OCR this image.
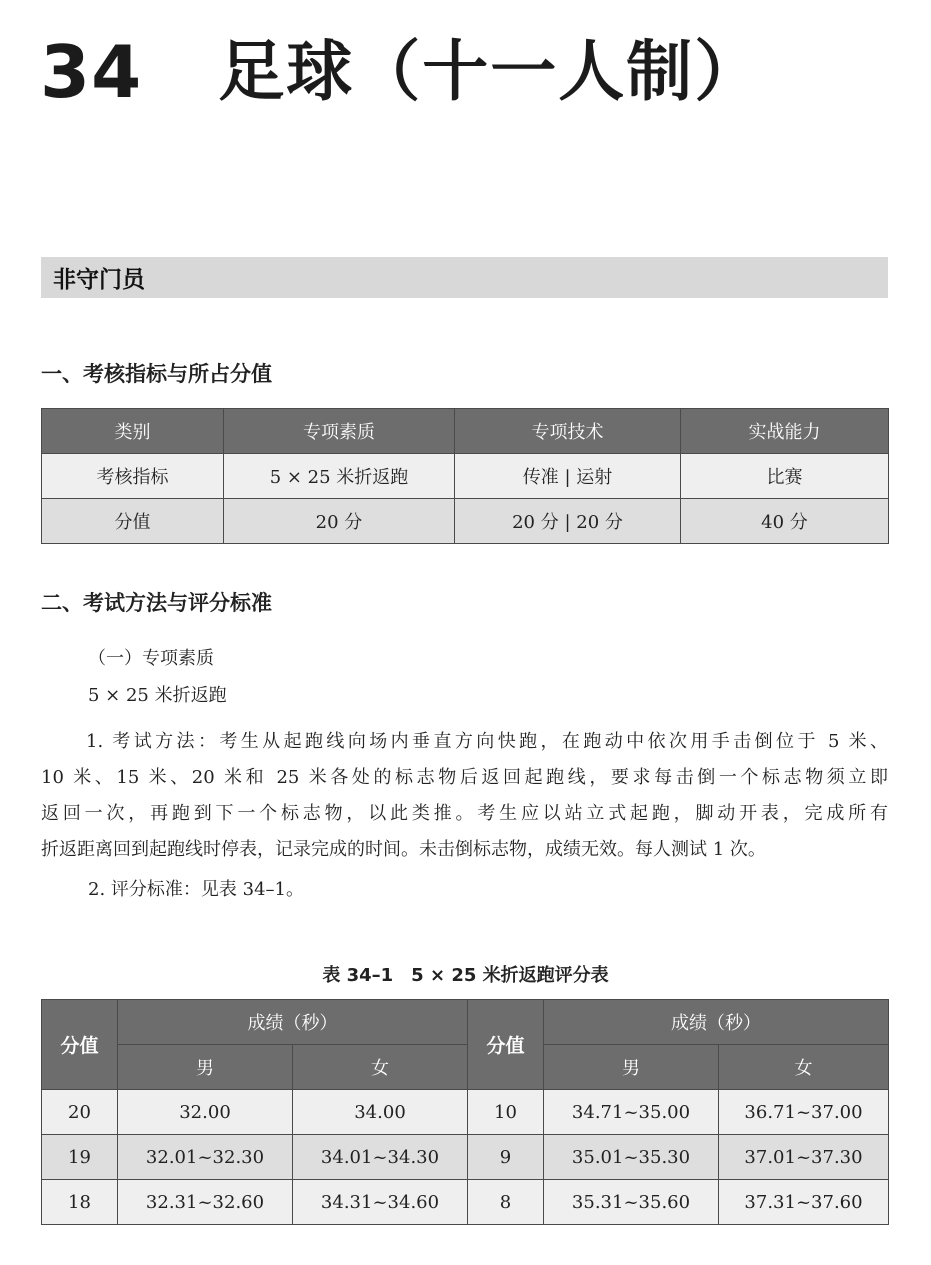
34 足球（十一人制）
非守门员
一、考核指标与所占分值
类别	专项素质	专项技术	实战能力
考核指标	5 × 25 米折返跑	传准 | 运射	比赛
分值	20 分	20 分 | 20 分	40 分
二、考试方法与评分标准
（一）专项素质
5 × 25 米折返跑
1. 考试方法：考生从起跑线向场内垂直方向快跑，在跑动中依次用手击倒位于 5 米、
10 米、15 米、20 米和 25 米各处的标志物后返回起跑线，要求每击倒一个标志物须立即
返回一次，再跑到下一个标志物，以此类推。考生应以站立式起跑，脚动开表，完成所有
折返距离回到起跑线时停表，记录完成的时间。未击倒标志物，成绩无效。每人测试 1 次。
2. 评分标准：见表 34–1。
表 34–1　5 × 25 米折返跑评分表
分值	成绩（秒）		分值	成绩（秒）	
	男	女		男	女
20	32.00	34.00	10	34.71~35.00	36.71~37.00
19	32.01~32.30	34.01~34.30	9	35.01~35.30	37.01~37.30
18	32.31~32.60	34.31~34.60	8	35.31~35.60	37.31~37.60
